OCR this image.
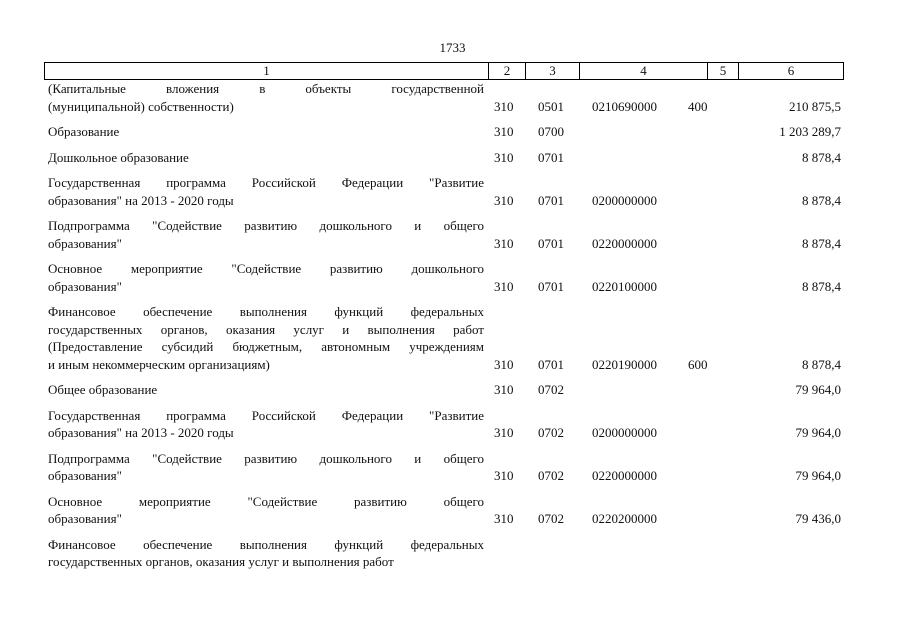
1733
1	2	3	4	5	6
(Капитальные вложения в объекты государственной
(муниципальной) собственности)	310 0501 0210690000 400	210 875,5
Образование	310 0700	1 203 289,7
Дошкольное образование	310 0701	8 878,4
Государственная программа Российской Федерации "Развитие
образования" на 2013 - 2020 годы	310 0701 0200000000	8 878,4
Подпрограмма "Содействие развитию дошкольного и общего
образования"	310 0701 0220000000	8 878,4
Основное мероприятие "Содействие развитию дошкольного
образования"	310 0701 0220100000	8 878,4
Финансовое обеспечение выполнения функций федеральных
государственных органов, оказания услуг и выполнения работ
(Предоставление субсидий бюджетным, автономным учреждениям
и иным некоммерческим организациям)	310 0701 0220190000 600	8 878,4
Общее образование	310 0702	79 964,0
Государственная программа Российской Федерации "Развитие
образования" на 2013 - 2020 годы	310 0702 0200000000	79 964,0
Подпрограмма "Содействие развитию дошкольного и общего
образования"	310 0702 0220000000	79 964,0
Основное мероприятие "Содействие развитию общего
образования"	310 0702 0220200000	79 436,0
Финансовое обеспечение выполнения функций федеральных
государственных органов, оказания услуг и выполнения работ
